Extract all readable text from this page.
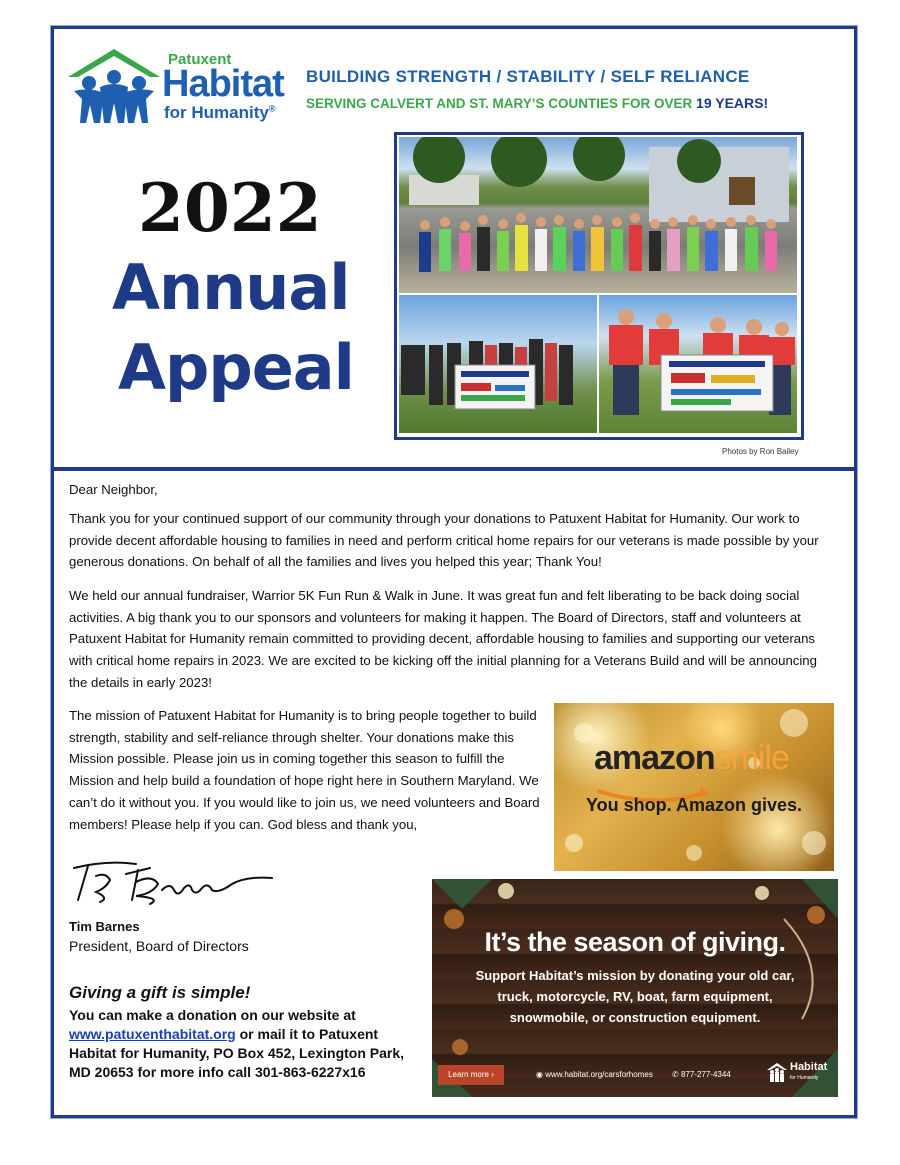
Patuxent
Habitat
for Humanity®
BUILDING STRENGTH / STABILITY / SELF RELIANCE
SERVING CALVERT AND ST. MARY’S COUNTIES FOR OVER 19 YEARS!
2022
Annual
Appeal
Photos by Ron Bailey
Dear Neighbor,
Thank you for your continued support of our community through your donations to Patuxent Habitat for Humanity. Our work to provide decent affordable housing to families in need and perform critical home repairs for our veterans is made possible by your generous donations. On behalf of all the families and lives you helped this year; Thank You!
We held our annual fundraiser, Warrior 5K Fun Run & Walk in June. It was great fun and felt liberating to be back doing social activities. A big thank you to our sponsors and volunteers for making it happen. The Board of Directors, staff and volunteers at Patuxent Habitat for Humanity remain committed to providing decent, affordable housing to families and supporting our veterans with critical home repairs in 2023. We are excited to be kicking off the initial planning for a Veterans Build and will be announcing the details in early 2023!
The mission of Patuxent Habitat for Humanity is to bring people together to build strength, stability and self-reliance through shelter. Your donations make this Mission possible. Please join us in coming together this season to fulfill the Mission and help build a foundation of hope right here in Southern Maryland. We can’t do it without you. If you would like to join us, we need volunteers and Board members! Please help if you can. God bless and thank you,
amazonsmile
You shop. Amazon gives.
Tim Barnes
President, Board of Directors
Giving a gift is simple!
You can make a donation on our website at www.patuxenthabitat.org or mail it to Patuxent Habitat for Humanity, PO Box 452, Lexington Park, MD 20653 for more info call 301-863-6227x16
It’s the season of giving.
Support Habitat’s mission by donating your old car,
truck, motorcycle, RV, boat, farm equipment,
snowmobile, or construction equipment.
Learn more ›	◉ www.habitat.org/carsforhomes ✆ 877-277-4344
Habitat
for Humanity
